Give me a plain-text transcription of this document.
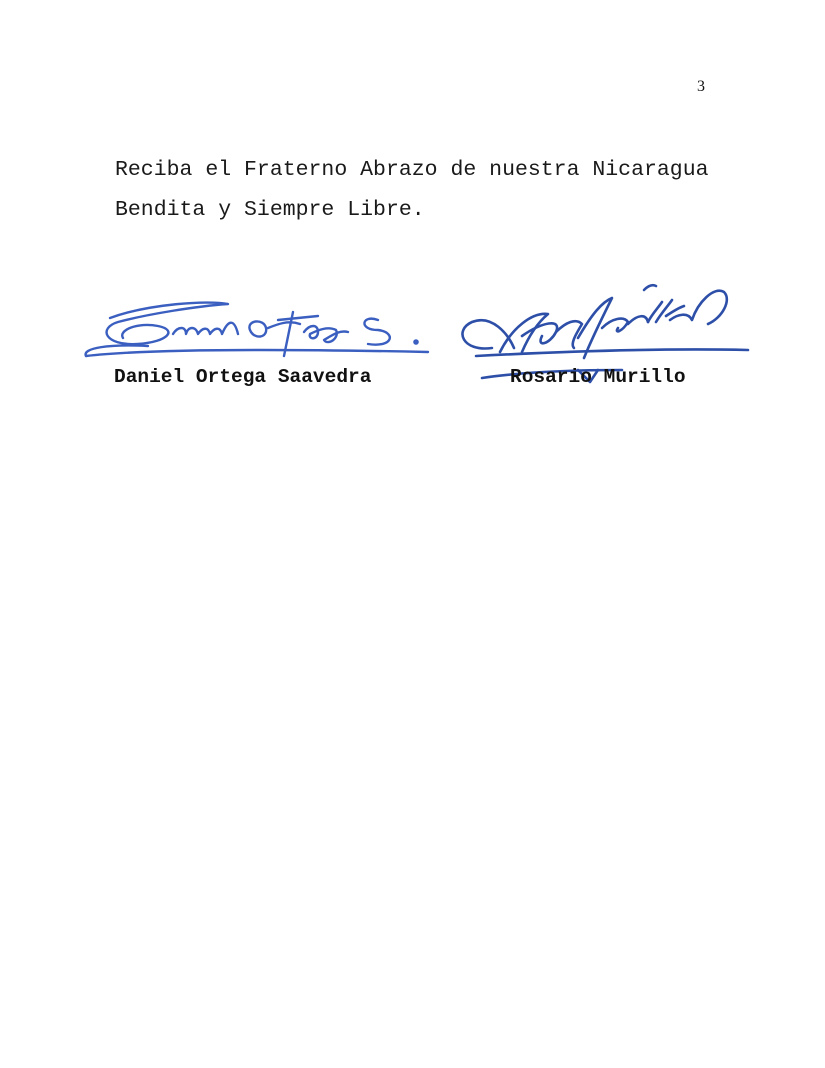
3

Reciba el Fraterno Abrazo de nuestra Nicaragua
Bendita y Siempre Libre.

Daniel Ortega Saavedra	Rosario Murillo
